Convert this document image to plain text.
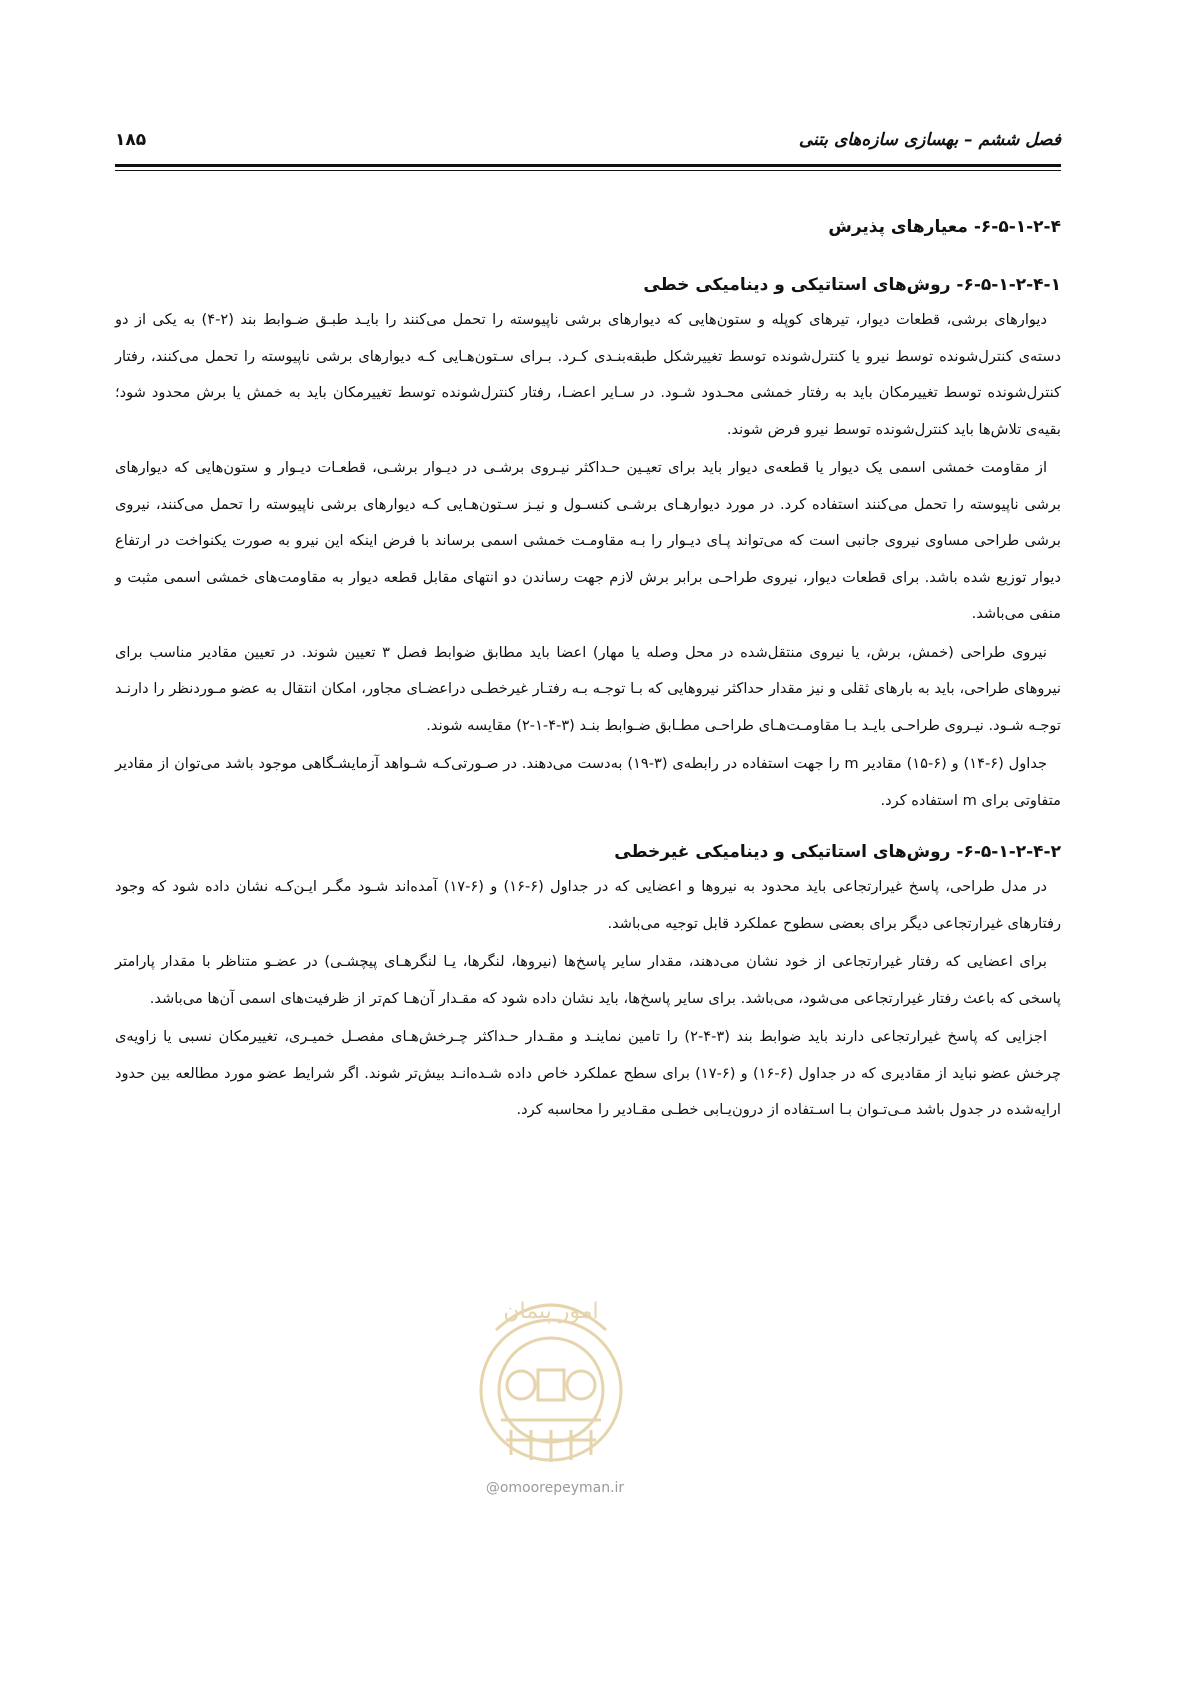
فصل ششم – بهسازی سازه‌های بتنی
۱۸۵
۶-۵-۱-۲-۴- معیارهای پذیرش
۶-۵-۱-۲-۴-۱- روش‌های استاتیکی و دینامیکی خطی

دیوارهای برشی، قطعات دیوار، تیرهای کوپله و ستون‌هایی که دیوارهای برشی ناپیوسته را تحمل می‌کنند را بایـد طبـق ضـوابط بند (۲-۴) به یکی از دو دسته‌ی کنترل‌شونده توسط نیرو یا کنترل‌شونده توسط تغییرشکل طبقه‌بنـدی کـرد. بـرای سـتون‌هـایی کـه دیوارهای برشی ناپیوسته را تحمل می‌کنند، رفتار کنترل‌شونده توسط تغییرمکان باید به رفتار خمشی محـدود شـود. در سـایر اعضـا، رفتار کنترل‌شونده توسط تغییرمکان باید به خمش یا برش محدود شود؛ بقیه‌ی تلاش‌ها باید کنترل‌شونده توسط نیرو فرض شوند.

از مقاومت خمشی اسمی یک دیوار یا قطعه‌ی دیوار باید برای تعیـین حـداکثر نیـروی برشـی در دیـوار برشـی، قطعـات دیـوار و ستون‌هایی که دیوارهای برشی ناپیوسته را تحمل می‌کنند استفاده کرد. در مورد دیوارهـای برشـی کنسـول و نیـز سـتون‌هـایی کـه دیوارهای برشی ناپیوسته را تحمل می‌کنند، نیروی برشی طراحی مساوی نیروی جانبی است که می‌تواند پـای دیـوار را بـه مقاومـت خمشی اسمی برساند با فرض اینکه این نیرو به صورت یکنواخت در ارتفاع دیوار توزیع شده باشد. برای قطعات دیوار، نیروی طراحـی برابر برش لازم جهت رساندن دو انتهای مقابل قطعه دیوار به مقاومت‌های خمشی اسمی مثبت و منفی می‌باشد.

نیروی طراحی (خمش، برش، یا نیروی منتقل‌شده در محل وصله یا مهار) اعضا باید مطابق ضوابط فصل ۳ تعیین شوند. در تعیین مقادیر مناسب برای نیروهای طراحی، باید به بارهای ثقلی و نیز مقدار حداکثر نیروهایی که بـا توجـه بـه رفتـار غیرخطـی دراعضـای مجاور، امکان انتقال به عضو مـوردنظر را دارنـد توجـه شـود. نیـروی طراحـی بایـد بـا مقاومـت‌هـای طراحـی مطـابق ضـوابط بنـد (۳-۴-۱-۲) مقایسه شوند.

جداول (۶-۱۴) و (۶-۱۵) مقادیر m را جهت استفاده در رابطه‌ی (۳-۱۹) به‌دست می‌دهند. در صـورتی‌کـه شـواهد آزمایشـگاهی موجود باشد می‌توان از مقادیر متفاوتی برای m استفاده کرد.

۶-۵-۱-۲-۴-۲- روش‌های استاتیکی و دینامیکی غیرخطی

در مدل طراحی، پاسخ غیرارتجاعی باید محدود به نیروها و اعضایی که در جداول (۶-۱۶) و (۶-۱۷) آمده‌اند شـود مگـر ایـن‌کـه نشان داده شود که وجود رفتارهای غیرارتجاعی دیگر برای بعضی سطوح عملکرد قابل توجیه می‌باشد.

برای اعضایی که رفتار غیرارتجاعی از خود نشان می‌دهند، مقدار سایر پاسخ‌ها (نیروها، لنگرها، یـا لنگرهـای پیچشـی) در عضـو متناظر با مقدار پارامتر پاسخی که باعث رفتار غیرارتجاعی می‌شود، می‌باشد. برای سایر پاسخ‌ها، باید نشان داده شود که مقـدار آن‌هـا کم‌تر از ظرفیت‌های اسمی آن‌ها می‌باشد.

اجزایی که پاسخ غیرارتجاعی دارند باید ضوابط بند (۳-۴-۲) را تامین نماینـد و مقـدار حـداکثر چـرخش‌هـای مفصـل خمیـری، تغییرمکان نسبی یا زاویه‌ی چرخش عضو نباید از مقادیری که در جداول (۶-۱۶) و (۶-۱۷) برای سطح عملکرد خاص داده شـده‌انـد بیش‌تر شوند. اگر شرایط عضو مورد مطالعه بین حدود ارایه‌شده در جدول باشد مـی‌تـوان بـا اسـتفاده از درون‌یـابی خطـی مقـادیر را محاسبه کرد.

امور پیمان
@omoorepeyman.ir
